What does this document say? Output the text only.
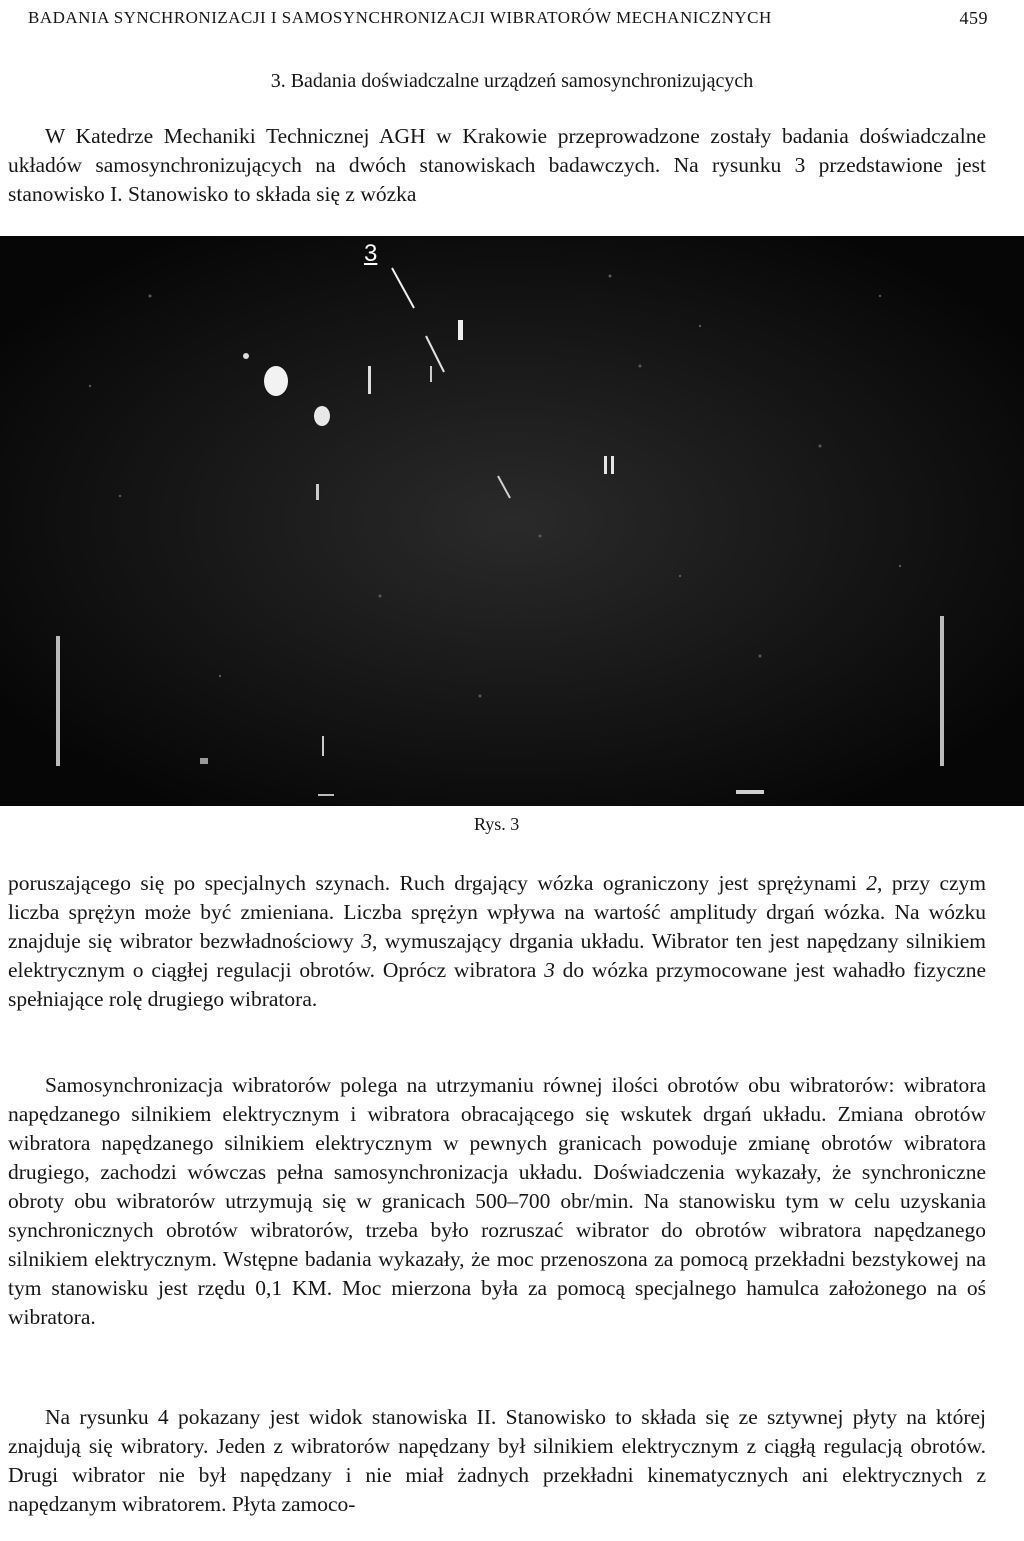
BADANIA SYNCHRONIZACJI I SAMOSYNCHRONIZACJI WIBRATORÓW MECHANICZNYCH	459
3. Badania doświadczalne urządzeń samosynchronizujących

W Katedrze Mechaniki Technicznej AGH w Krakowie przeprowadzone zostały badania doświadczalne układów samosynchronizujących na dwóch stanowiskach badawczych. Na rysunku 3 przedstawione jest stanowisko I. Stanowisko to składa się z wózka

3
Rys. 3

poruszającego się po specjalnych szynach. Ruch drgający wózka ograniczony jest sprężynami 2, przy czym liczba sprężyn może być zmieniana. Liczba sprężyn wpływa na wartość amplitudy drgań wózka. Na wózku znajduje się wibrator bezwładnościowy 3, wymuszający drgania układu. Wibrator ten jest napędzany silnikiem elektrycznym o ciągłej regulacji obrotów. Oprócz wibratora 3 do wózka przymocowane jest wahadło fizyczne spełniające rolę drugiego wibratora.

Samosynchronizacja wibratorów polega na utrzymaniu równej ilości obrotów obu wibratorów: wibratora napędzanego silnikiem elektrycznym i wibratora obracającego się wskutek drgań układu. Zmiana obrotów wibratora napędzanego silnikiem elektrycznym w pewnych granicach powoduje zmianę obrotów wibratora drugiego, zachodzi wówczas pełna samosynchronizacja układu. Doświadczenia wykazały, że synchroniczne obroty obu wibratorów utrzymują się w granicach 500–700 obr/min. Na stanowisku tym w celu uzyskania synchronicznych obrotów wibratorów, trzeba było rozruszać wibrator do obrotów wibratora napędzanego silnikiem elektrycznym. Wstępne badania wykazały, że moc przenoszona za pomocą przekładni bezstykowej na tym stanowisku jest rzędu 0,1 KM. Moc mierzona była za pomocą specjalnego hamulca założonego na oś wibratora.

Na rysunku 4 pokazany jest widok stanowiska II. Stanowisko to składa się ze sztywnej płyty na której znajdują się wibratory. Jeden z wibratorów napędzany był silnikiem elektrycznym z ciągłą regulacją obrotów. Drugi wibrator nie był napędzany i nie miał żadnych przekładni kinematycznych ani elektrycznych z napędzanym wibratorem. Płyta zamoco-
